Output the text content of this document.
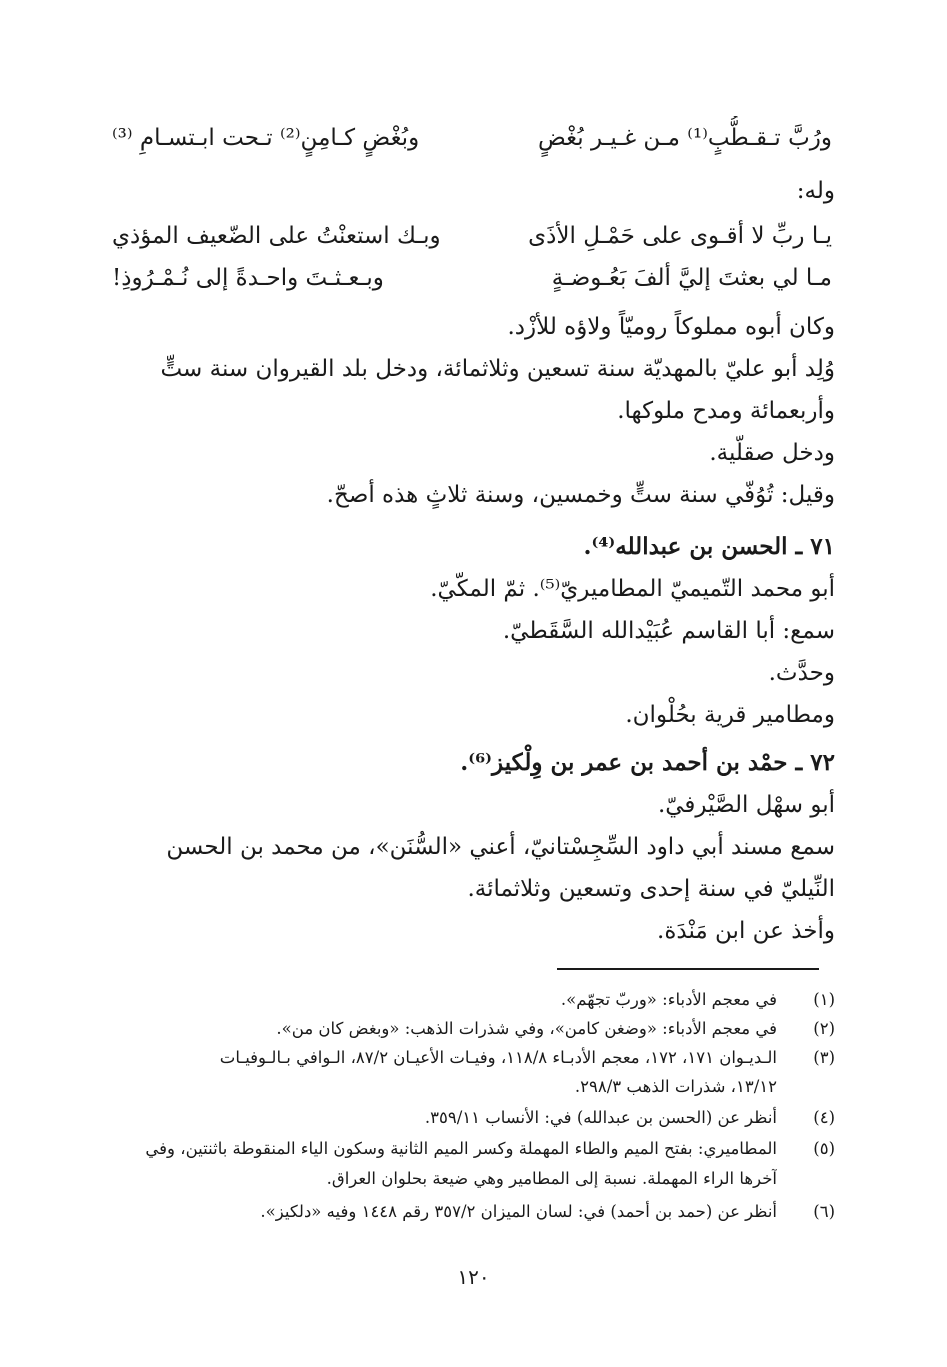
ورُبَّ تـقـطُّبٍ⁽¹⁾ مـن غـيـر بُغْضٍ
وبُغْضٍ كـامِنٍ⁽²⁾ تـحت ابـتسـامِ ⁽³⁾
وله:
يـا ربِّ لا أقـوى على حَمْـلِ الأذَى
وبـك استعنْتُ على الضّعيف المؤذي
مـا لي بعثتَ إليَّ ألفَ بَعُـوضـةٍ
وبـعـثـتَ واحـدةً إلى نُـمْـرُوذِ!
وكان أبوه مملوكاً روميّاً ولاؤه للأزْد.
وُلِد أبو عليّ بالمهديّة سنة تسعين وثلاثمائة، ودخل بلد القيروان سنة ستٍّ
وأربعمائة ومدح ملوكها.
ودخل صقلّية.
وقيل: تُوُفّي سنة ستٍّ وخمسين، وسنة ثلاثٍ هذه أصحّ.
٧١ ـ الحسن بن عبدالله⁽⁴⁾.
أبو محمد التّميميّ المطاميريّ⁽⁵⁾. ثمّ المكّيّ.
سمع: أبا القاسم عُبَيْدالله السَّقَطيّ.
وحدَّث.
ومطامير قرية بحُلْوان.
٧٢ ـ حمْد بن أحمد بن عمر بن وِلْكيز⁽⁶⁾.
أبو سهْل الصَّيْرفيّ.
سمع مسند أبي داود السِّجِسْتانيّ، أعني «السُّنَن»، من محمد بن الحسن
النِّيليّ في سنة إحدى وتسعين وثلاثمائة.
وأخذ عن ابن مَنْدَة.
(١)
في معجم الأدباء: «وربّ تجهّم».
(٢)
في معجم الأدباء: «وضغن كامن»، وفي شذرات الذهب: «وبغض كان من».
(٣)
الـديـوان ١٧١، ١٧٢، معجم الأدبـاء ١١٨/٨، وفيـات الأعيـان ٨٧/٢، الـوافي بـالـوفيـات
١٣/١٢، شذرات الذهب ٢٩٨/٣.
(٤)
أنظر عن (الحسن بن عبدالله) في: الأنساب ٣٥٩/١١.
(٥)
المطاميري: بفتح الميم والطاء المهملة وكسر الميم الثانية وسكون الياء المنقوطة باثنتين، وفي
آخرها الراء المهملة. نسبة إلى المطامير وهي ضيعة بحلوان العراق.
(٦)
أنظر عن (حمد بن أحمد) في: لسان الميزان ٣٥٧/٢ رقم ١٤٤٨ وفيه «دلكيز».
١٢٠
